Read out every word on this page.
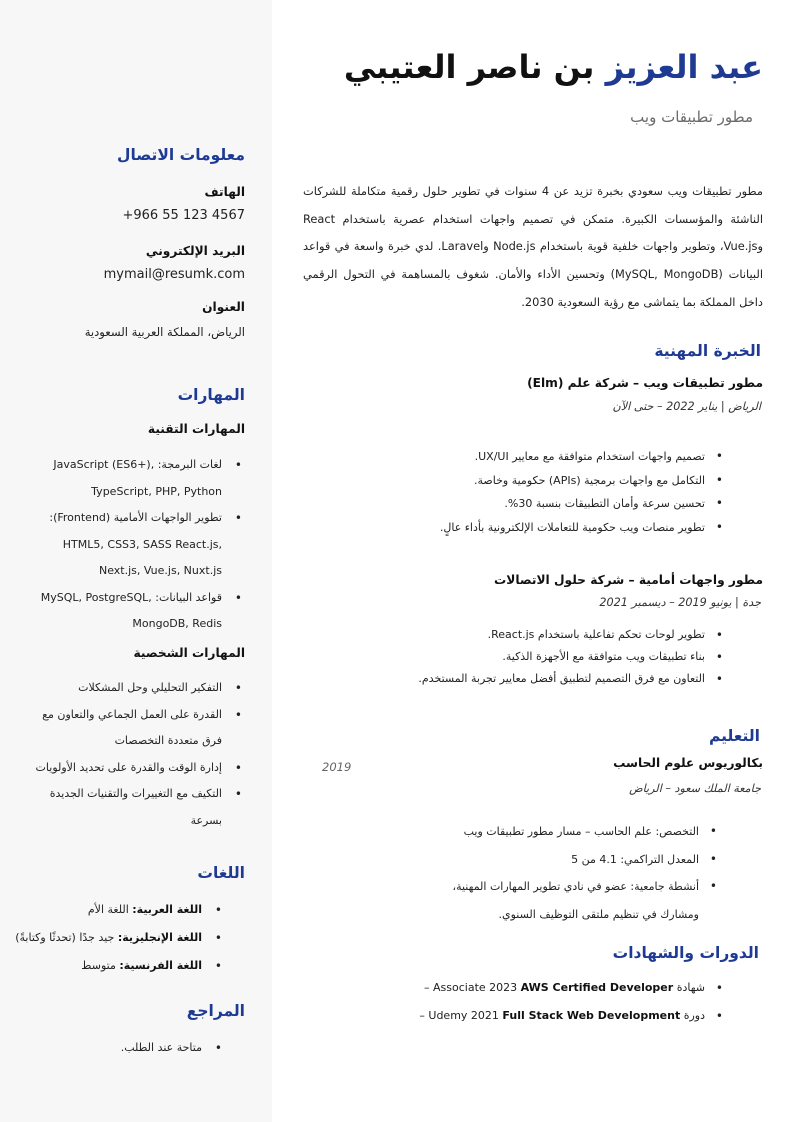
عبد العزيز بن ناصر العتيبي
مطور تطبيقات ويب

مطور تطبيقات ويب سعودي بخبرة تزيد عن 4 سنوات في تطوير حلول رقمية متكاملة للشركات الناشئة والمؤسسات الكبيرة. متمكن في تصميم واجهات استخدام عصرية باستخدام React وVue.js، وتطوير واجهات خلفية قوية باستخدام Node.js وLaravel. لدي خبرة واسعة في قواعد البيانات (MySQL, MongoDB) وتحسين الأداء والأمان. شغوف بالمساهمة في التحول الرقمي داخل المملكة بما يتماشى مع رؤية السعودية 2030.

الخبرة المهنية
مطور تطبيقات ويب – شركة علم (Elm)
الرياض | يناير 2022 – حتى الآن
• تصميم واجهات استخدام متوافقة مع معايير UX/UI.
• التكامل مع واجهات برمجية (APIs) حكومية وخاصة.
• تحسين سرعة وأمان التطبيقات بنسبة 30%.
• تطوير منصات ويب حكومية للتعاملات الإلكترونية بأداء عالٍ.
مطور واجهات أمامية – شركة حلول الاتصالات
جدة | يونيو 2019 – ديسمبر 2021
• تطوير لوحات تحكم تفاعلية باستخدام React.js.
• بناء تطبيقات ويب متوافقة مع الأجهزة الذكية.
• التعاون مع فرق التصميم لتطبيق أفضل معايير تجربة المستخدم.
التعليم
بكالوريوس علوم الحاسب
2019
جامعة الملك سعود – الرياض
• التخصص: علم الحاسب – مسار مطور تطبيقات ويب
• المعدل التراكمي: 4.1 من 5
• أنشطة جامعية: عضو في نادي تطوير المهارات المهنية، ومشارك في تنظيم ملتقى التوظيف السنوي.
الدورات والشهادات
• شهادة AWS Certified Developer – Associate 2023
• دورة Full Stack Web Development – Udemy 2021
معلومات الاتصال
الهاتف
+966 55 123 4567
البريد الإلكتروني
mymail@resumk.com
العنوان
الرياض، المملكة العربية السعودية
المهارات
المهارات التقنية
• لغات البرمجة: JavaScript (ES6+), TypeScript, PHP, Python
• تطوير الواجهات الأمامية (Frontend): HTML5, CSS3, SASS React.js, Next.js, Vue.js, Nuxt.js
• قواعد البيانات: MySQL, PostgreSQL, MongoDB, Redis
المهارات الشخصية
• التفكير التحليلي وحل المشكلات
• القدرة على العمل الجماعي والتعاون مع فرق متعددة التخصصات
• إدارة الوقت والقدرة على تحديد الأولويات
• التكيف مع التغييرات والتقنيات الجديدة بسرعة
اللغات
• اللغة العربية: اللغة الأم
• اللغة الإنجليزية: جيد جدًا (تحدثًا وكتابةً)
• اللغة الفرنسية: متوسط
المراجع
• متاحة عند الطلب.
